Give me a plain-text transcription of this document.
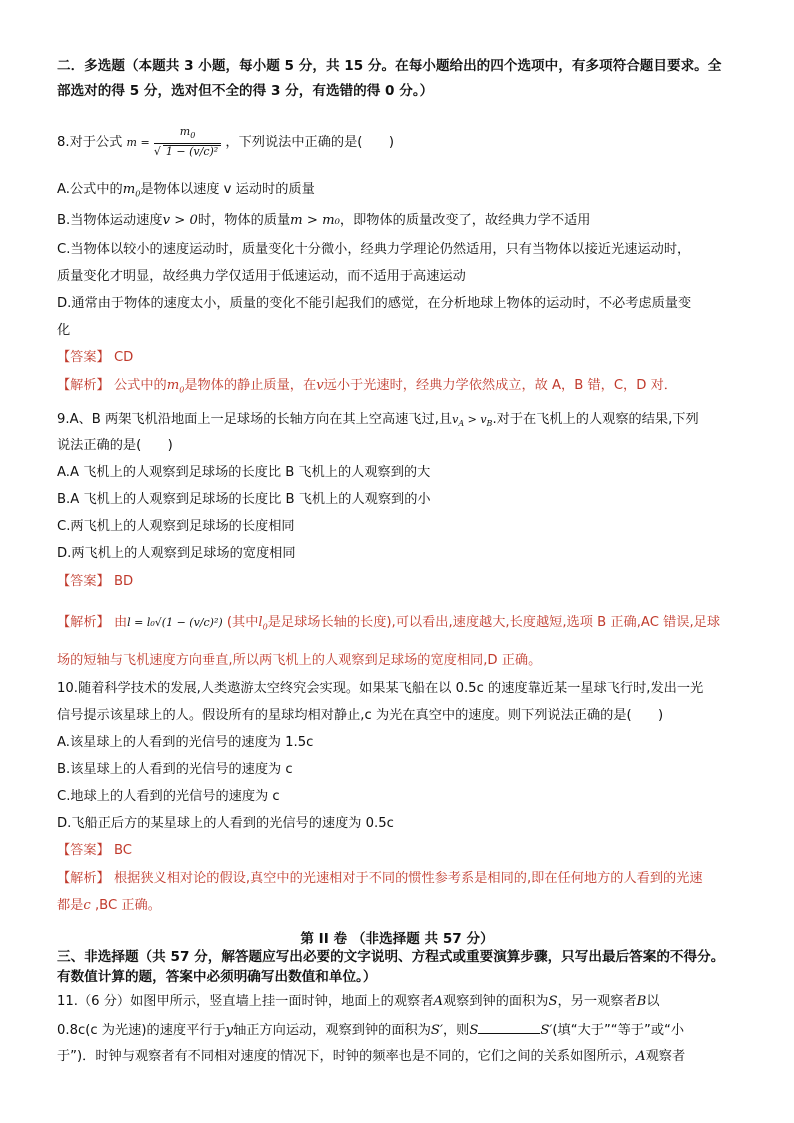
二．多选题（本题共 3 小题，每小题 5 分，共 15 分。在每小题给出的四个选项中，有多项符合题目要求。全
部选对的得 5 分，选对但不全的得 3 分，有选错的得 0 分。）
8.对于公式 $m = \frac{m_0}{\text{√ 1 − (v/c)²}}$ ，下列说法中正确的是(　　)
A.公式中的$m_0$是物体以速度 v 运动时的质量
B.当物体运动速度v > 0时，物体的质量m > m₀，即物体的质量改变了，故经典力学不适用
C.当物体以较小的速度运动时，质量变化十分微小，经典力学理论仍然适用，只有当物体以接近光速运动时，
质量变化才明显，故经典力学仅适用于低速运动，而不适用于高速运动
D.通常由于物体的速度太小，质量的变化不能引起我们的感觉，在分析地球上物体的运动时，不必考虑质量变
化
【答案】 CD
【解析】 公式中的$m_0$是物体的静止质量，在v远小于光速时，经典力学依然成立，故 A，B 错，C，D 对．
9.A、B 两架飞机沿地面上一足球场的长轴方向在其上空高速飞过,且$v_A > v_B$.对于在飞机上的人观察的结果,下列
说法正确的是(　　)
A.A 飞机上的人观察到足球场的长度比 B 飞机上的人观察到的大
B.A 飞机上的人观察到足球场的长度比 B 飞机上的人观察到的小
C.两飞机上的人观察到足球场的长度相同
D.两飞机上的人观察到足球场的宽度相同
【答案】 BD
【解析】 由l = l₀√(1 − (v/c)²) (其中$l_0$是足球场长轴的长度),可以看出,速度越大,长度越短,选项 B 正确,AC 错误,足球
场的短轴与飞机速度方向垂直,所以两飞机上的人观察到足球场的宽度相同,D 正确。
10.随着科学技术的发展,人类遨游太空终究会实现。如果某飞船在以 0.5c 的速度靠近某一星球飞行时,发出一光
信号提示该星球上的人。假设所有的星球均相对静止,c 为光在真空中的速度。则下列说法正确的是(　　)
A.该星球上的人看到的光信号的速度为 1.5c
B.该星球上的人看到的光信号的速度为 c
C.地球上的人看到的光信号的速度为 c
D.飞船正后方的某星球上的人看到的光信号的速度为 0.5c
【答案】 BC
【解析】 根据狭义相对论的假设,真空中的光速相对于不同的惯性参考系是相同的,即在任何地方的人看到的光速
都是c ,BC 正确。
第 II 卷 （非选择题 共 57 分）
三、非选择题（共 57 分，解答题应写出必要的文字说明、方程式或重要演算步骤，只写出最后答案的不得分。
有数值计算的题，答案中必须明确写出数值和单位。）
11.（6 分）如图甲所示，竖直墙上挂一面时钟，地面上的观察者A观察到钟的面积为S，另一观察者B以
0.8c(c 为光速)的速度平行于y轴正方向运动，观察到钟的面积为S′，则S	S′(填“大于”“等于”或“小
于”)．时钟与观察者有不同相对速度的情况下，时钟的频率也是不同的，它们之间的关系如图所示，A观察者
